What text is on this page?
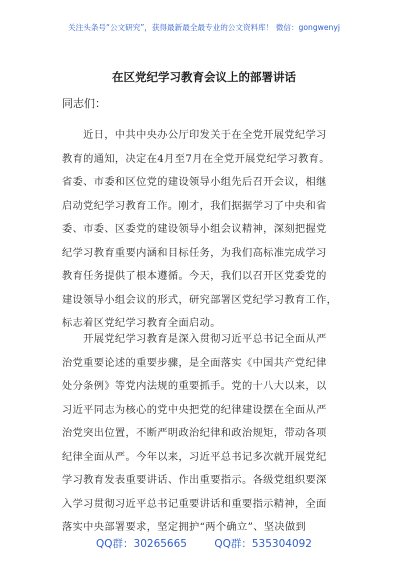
关注头条号“公文研究”，获得最新最全最专业的公文资料库！ 微信：gongwenyj
在区党纪学习教育会议上的部署讲话
同志们：
　　近日，中共中央办公厅印发关于在全党开展党纪学习
教育的通知，决定在4月至7月在全党开展党纪学习教育。
省委、市委和区位党的建设领导小组先后召开会议，相继
启动党纪学习教育工作。刚才，我们据据学习了中央和省
委、市委、区委党的建设领导小组会议精神，深刻把握党
纪学习教育重要内涵和目标任务，为我们高标准完成学习
教育任务提供了根本遵循。今天，我们以召开区党委党的
建设领导小组会议的形式，研究部署区党纪学习教育工作，
标志着区党纪学习教育全面启动。
　　开展党纪学习教育是深入贯彻习近平总书记全面从严
治党重要论述的重要步骤，是全面落实《中国共产党纪律
处分条例》等党内法规的重要抓手。党的十八大以来，以
习近平同志为核心的党中央把党的纪律建设摆在全面从严
治党突出位置，不断严明政治纪律和政治规矩，带动各项
纪律全面从严。今年以来，习近平总书记多次就开展党纪
学习教育发表重要讲话、作出重要指示。各级党组织要深
入学习贯彻习近平总书记重要讲话和重要指示精神，全面
落实中央部署要求，坚定拥护“两个确立”、坚决做到
QQ群：30265665	QQ群：535304092
